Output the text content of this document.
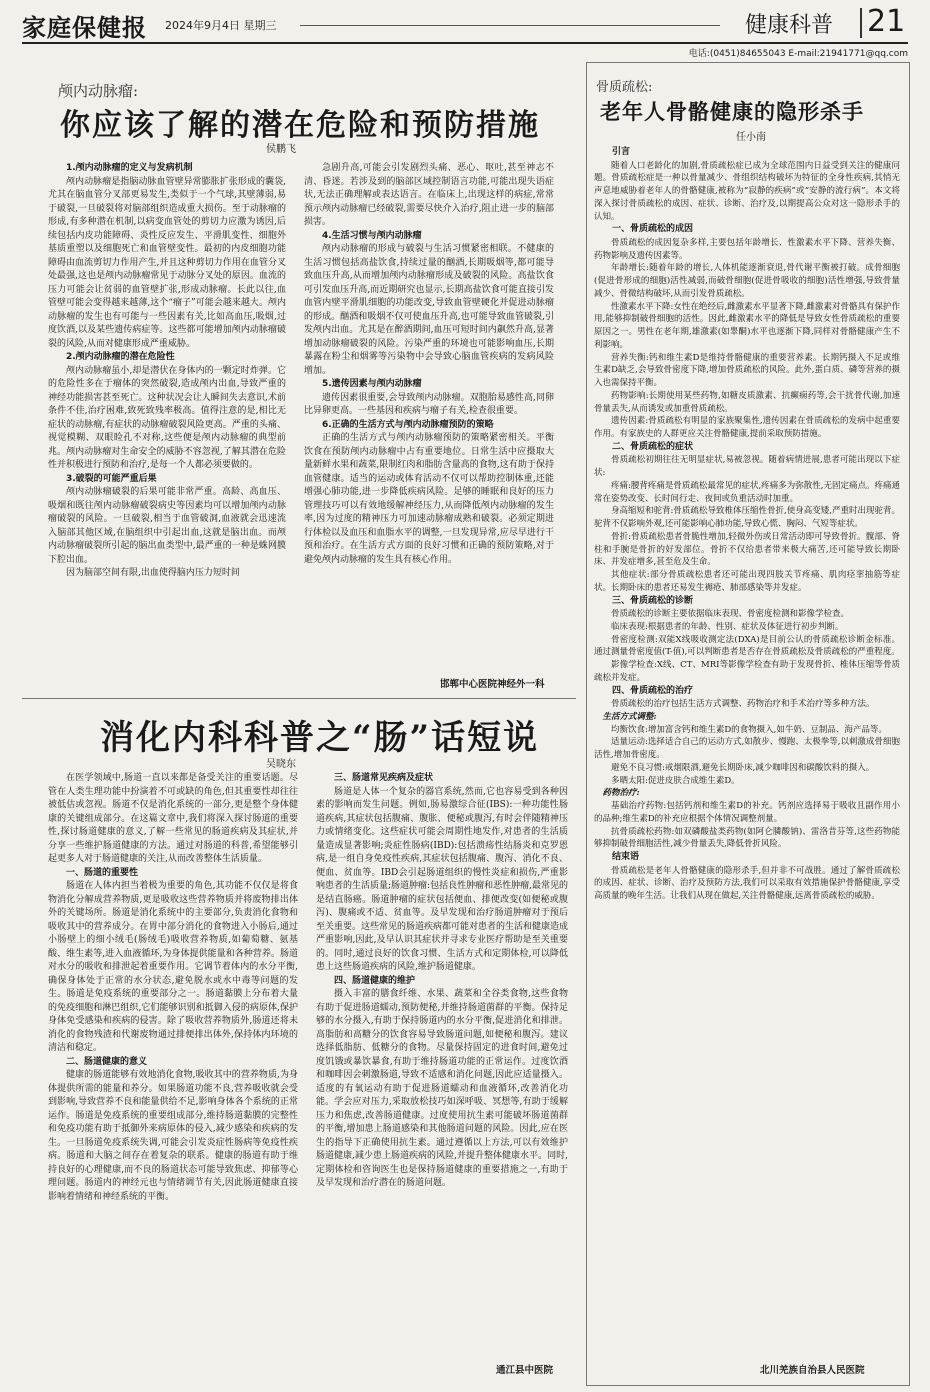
家庭保健报 2024年9月4日 星期三	健康科普 21
电话:(0451)84655043 E-mail:21941771@qq.com
颅内动脉瘤:
你应该了解的潜在危险和预防措施
侯鹏飞
1.颅内动脉瘤的定义与发病机制

颅内动脉瘤是指脑动脉血管壁异常膨胀扩张形成的囊袋,尤其在脑血管分叉部更易发生,类似于一个气球,其壁薄弱,易于破裂,一旦破裂将对脑部组织造成重大损伤。至于动脉瘤的形成,有多种潜在机制,以病变血管处的剪切力应激为诱因,后续包括内皮功能障碍、炎性反应发生、平滑肌变性、细胞外基质重塑以及细胞死亡和血管壁变性。最初的内皮细胞功能障碍由血流剪切力作用产生,并且这种剪切力作用在血管分叉处最强,这也是颅内动脉瘤常见于动脉分叉处的原因。血流的压力可能会让贫弱的血管壁扩张,形成动脉瘤。长此以往,血管壁可能会变得越来越薄,这个“瘤子”可能会越来越大。颅内动脉瘤的发生也有可能与一些因素有关,比如高血压,吸烟,过度饮酒,以及某些遗传病症等。这些都可能增加颅内动脉瘤破裂的风险,从而对健康形成严重威胁。

2.颅内动脉瘤的潜在危险性

颅内动脉瘤虽小,却是潜伏在身体内的一颗定时炸弹。它的危险性多在于瘤体的突然破裂,造成颅内出血,导致严重的神经功能损害甚至死亡。这种状况会让人瞬间失去意识,术前条件不佳,治疗困难,致死致残率极高。值得注意的是,相比无症状的动脉瘤,有症状的动脉瘤破裂风险更高。严重的头痛、视觉模糊、双眼睑孔不对称,这些便是颅内动脉瘤的典型前兆。颅内动脉瘤对生命安全的威胁不容忽视,了解其潜在危险性并积极进行预防和治疗,是每一个人都必须要做的。

3.破裂的可能严重后果

颅内动脉瘤破裂的后果可能非常严重。高龄、高血压、吸烟和既往颅内动脉瘤破裂病史等因素均可以增加颅内动脉瘤破裂的风险。一旦破裂,相当于血管破洞,血液就会迅速流入脑部其他区域,在脑组织中引起出血,这就是脑出血。而颅内动脉瘤破裂所引起的脑出血类型中,最严重的一种是蛛网膜下腔出血。

因为脑部空间有限,出血使得脑内压力短时间

急剧升高,可能会引发剧烈头痛、恶心、呕吐,甚至神志不清、昏迷。若涉及到的脑部区域控制语言功能,可能出现失语症状,无法正确理解或表达语言。在临床上,出现这样的病症,常常预示颅内动脉瘤已经破裂,需要尽快介入治疗,阻止进一步的脑部损害。

4.生活习惯与颅内动脉瘤

颅内动脉瘤的形成与破裂与生活习惯紧密相联。不健康的生活习惯包括高盐饮食,持续过量的酗酒,长期吸烟等,都可能导致血压升高,从而增加颅内动脉瘤形成及破裂的风险。高盐饮食可引发血压升高,而近期研究也显示,长期高盐饮食可能直接引发血管内壁平滑肌细胞的功能改变,导致血管壁硬化并促进动脉瘤的形成。酗酒和吸烟不仅可使血压升高,也可能导致血管破裂,引发颅内出血。尤其是在醉酒期间,血压可短时间内飙然升高,显著增加动脉瘤破裂的风险。污染严重的环境也可能影响血压,长期暴露在粉尘和烟雾等污染物中会导致心脑血管疾病的发病风险增加。

5.遗传因素与颅内动脉瘤

遗传因素很重要,会导致颅内动脉瘤。双胞胎易感性高,同卵比异卵更高。一些基因和疾病与瘤子有关,检查很重要。

6.正确的生活方式与颅内动脉瘤预防的策略

正确的生活方式与颅内动脉瘤预防的策略紧密相关。平衡饮食在预防颅内动脉瘤中占有重要地位。日常生活中应摄取大量新鲜水果和蔬菜,限制红肉和脂肪含量高的食物,这有助于保持血管健康。适当的运动或体育活动不仅可以帮助控制体重,还能增强心肺功能,进一步降低疾病风险。足够的睡眠和良好的压力管理技巧可以有效地缓解神经压力,从而降低颅内动脉瘤的发生率,因为过度的精神压力可加速动脉瘤成熟和破裂。必须定期进行体检以及血压和血脂水平的调整,一旦发现异常,应尽早进行干预和治疗。在生活方式方面的良好习惯和正确的预防策略,对于避免颅内动脉瘤的发生具有核心作用。

邯郸中心医院神经外一科
消化内科科普之“肠”话短说
吴晓东

在医学领域中,肠道一直以来都是备受关注的重要话题。尽管在人类生理功能中扮演着不可或缺的角色,但其重要性却往往被低估或忽视。肠道不仅是消化系统的一部分,更是整个身体健康的关键组成部分。在这篇文章中,我们将深入探讨肠道的重要性,探讨肠道健康的意义,了解一些常见的肠道疾病及其症状,并分享一些维护肠道健康的方法。通过对肠道的科普,希望能够引起更多人对于肠道健康的关注,从而改善整体生活质量。

一、肠道的重要性

肠道在人体内担当着极为重要的角色,其功能不仅仅是将食物消化分解成营养物质,更是吸收这些营养物质并将废物排出体外的关键场所。肠道是消化系统中的主要部分,负责消化食物和吸收其中的营养成分。在胃中部分消化的食物进入小肠后,通过小肠壁上的细小绒毛(肠绒毛)吸收营养物质,如葡萄糖、氨基酸、维生素等,进入血液循环,为身体提供能量和各种营养。肠道对水分的吸收和排泄起着重要作用。它调节着体内的水分平衡,确保身体处于正常的水分状态,避免脱水或水中毒等问题的发生。肠道是免疫系统的重要部分之一。肠道黏膜上分布着大量的免疫细胞和淋巴组织,它们能够识别和抵御入侵的病原体,保护身体免受感染和疾病的侵害。除了吸收营养物质外,肠道还将未消化的食物残渣和代谢废物通过排便排出体外,保持体内环境的清洁和稳定。

二、肠道健康的意义

健康的肠道能够有效地消化食物,吸收其中的营养物质,为身体提供所需的能量和养分。如果肠道功能不良,营养吸收就会受到影响,导致营养不良和能量供给不足,影响身体各个系统的正常运作。肠道是免疫系统的重要组成部分,维持肠道黏膜的完整性和免疫功能有助于抵御外来病原体的侵入,减少感染和疾病的发生。一旦肠道免疫系统失调,可能会引发炎症性肠病等免疫性疾病。肠道和大脑之间存在着复杂的联系。健康的肠道有助于维持良好的心理健康,而不良的肠道状态可能导致焦虑、抑郁等心理问题。肠道内的神经元也与情绪调节有关,因此肠道健康直接影响着情绪和神经系统的平衡。

三、肠道常见疾病及症状

肠道是人体一个复杂的器官系统,然而,它也容易受到各种因素的影响而发生问题。例如,肠易激综合征(IBS):一种功能性肠道疾病,其症状包括腹痛、腹胀、便秘或腹泻,有时会伴随精神压力或情绪变化。这些症状可能会周期性地发作,对患者的生活质量造成显著影响;炎症性肠病(IBD):包括溃疡性结肠炎和克罗恩病,是一组自身免疫性疾病,其症状包括腹痛、腹泻、消化不良、便血、贫血等。IBD会引起肠道组织的慢性炎症和损伤,严重影响患者的生活质量;肠道肿瘤:包括良性肿瘤和恶性肿瘤,最常见的是结直肠癌。肠道肿瘤的症状包括便血、排便改变(如便秘或腹泻)、腹痛或不适、贫血等。及早发现和治疗肠道肿瘤对于预后至关重要。这些常见的肠道疾病都可能对患者的生活和健康造成严重影响,因此,及早认识其症状并寻求专业医疗帮助是至关重要的。同时,通过良好的饮食习惯、生活方式和定期体检,可以降低患上这些肠道疾病的风险,维护肠道健康。

四、肠道健康的维护

摄入丰富的膳食纤维、水果、蔬菜和全谷类食物,这些食物有助于促进肠道蠕动,预防便秘,并维持肠道菌群的平衡。保持足够的水分摄入,有助于保持肠道内的水分平衡,促进消化和排泄。高脂肪和高糖分的饮食容易导致肠道问题,如便秘和腹泻。建议选择低脂肪、低糖分的食物。尽量保持固定的进食时间,避免过度饥饿或暴饮暴食,有助于维持肠道功能的正常运作。过度饮酒和咖啡因会刺激肠道,导致不适感和消化问题,因此应适量摄入。适度的有氧运动有助于促进肠道蠕动和血液循环,改善消化功能。学会应对压力,采取放松技巧如深呼吸、冥想等,有助于缓解压力和焦虑,改善肠道健康。过度使用抗生素可能破坏肠道菌群的平衡,增加患上肠道感染和其他肠道问题的风险。因此,应在医生的指导下正确使用抗生素。通过遵循以上方法,可以有效维护肠道健康,减少患上肠道疾病的风险,并提升整体健康水平。同时,定期体检和咨询医生也是保持肠道健康的重要措施之一,有助于及早发现和治疗潜在的肠道问题。

通江县中医院
骨质疏松:
老年人骨骼健康的隐形杀手
任小南
引言

随着人口老龄化的加剧,骨质疏松症已成为全球范围内日益受到关注的健康问题。骨质疏松症是一种以骨量减少、骨组织结构破坏为特征的全身性疾病,其悄无声息地威胁着老年人的骨骼健康,被称为“寂静的疾病”或“安静的流行病”。本文将深入探讨骨质疏松的成因、症状、诊断、治疗及,以期提高公众对这一隐形杀手的认知。

一、骨质疏松的成因

骨质疏松的成因复杂多样,主要包括年龄增长、性激素水平下降、营养失衡、药物影响及遗传因素等。

年龄增长:随着年龄的增长,人体机能逐渐衰退,骨代谢平衡被打破。成骨细胞(促进骨形成的细胞)活性减弱,而破骨细胞(促进骨吸收的细胞)活性增强,导致骨量减少、骨微结构破坏,从而引发骨质疏松。

性激素水平下降:女性在绝经后,雌激素水平显著下降,雌激素对骨骼具有保护作用,能够抑制破骨细胞的活性。因此,雌激素水平的降低是导致女性骨质疏松的重要原因之一。男性在老年期,雄激素(如睾酮)水平也逐渐下降,同样对骨骼健康产生不利影响。

营养失衡:钙和维生素D是维持骨骼健康的重要营养素。长期钙摄入不足或维生素D缺乏,会导致骨密度下降,增加骨质疏松的风险。此外,蛋白质、磷等营养的摄入也需保持平衡。

药物影响:长期使用某些药物,如糖皮质激素、抗癫痫药等,会干扰骨代谢,加速骨量丢失,从而诱发或加重骨质疏松。

遗传因素:骨质疏松有明显的家族聚集性,遗传因素在骨质疏松的发病中起重要作用。有家族史的人群更应关注骨骼健康,提前采取预防措施。

二、骨质疏松的症状

骨质疏松初期往往无明显症状,易被忽视。随着病情进展,患者可能出现以下症状:

疼痛:腰背疼痛是骨质疏松最常见的症状,疼痛多为弥散性,无固定痛点。疼痛通常在姿势改变、长时间行走、夜间或负重活动时加重。

身高缩短和驼背:骨质疏松导致椎体压缩性骨折,使身高变矮,严重时出现驼背。驼背不仅影响外观,还可能影响心肺功能,导致心慌、胸闷、气短等症状。

骨折:骨质疏松患者骨脆性增加,轻微外伤或日常活动即可导致骨折。髋部、脊柱和手腕是骨折的好发部位。骨折不仅给患者带来极大痛苦,还可能导致长期卧床、并发症增多,甚至危及生命。

其他症状:部分骨质疏松患者还可能出现四肢关节疼痛、肌肉痉挛抽筋等症状。长期卧床的患者还易发生褥疮、肺部感染等并发症。

三、骨质疏松的诊断

骨质疏松的诊断主要依据临床表现、骨密度检测和影像学检查。

临床表现:根据患者的年龄、性别、症状及体征进行初步判断。

骨密度检测:双能X线吸收测定法(DXA)是目前公认的骨质疏松诊断金标准。通过测量骨密度值(T-值),可以判断患者是否存在骨质疏松及骨质疏松的严重程度。

影像学检查:X线、CT、MRI等影像学检查有助于发现骨折、椎体压缩等骨质疏松并发症。

四、骨质疏松的治疗

骨质疏松的治疗包括生活方式调整、药物治疗和手术治疗等多种方法。

生活方式调整:

均衡饮食:增加富含钙和维生素D的食物摄入,如牛奶、豆制品、海产品等。

适量运动:选择适合自己的运动方式,如散步、慢跑、太极拳等,以刺激成骨细胞活性,增加骨密度。

避免不良习惯:戒烟限酒,避免长期卧床,减少咖啡因和碳酸饮料的摄入。

多晒太阳:促进皮肤合成维生素D。

药物治疗:

基础治疗药物:包括钙剂和维生素D的补充。钙剂应选择易于吸收且副作用小的品种;维生素D的补充应根据个体情况调整剂量。

抗骨质疏松药物:如双磷酸盐类药物(如阿仑膦酸钠)、雷洛昔芬等,这些药物能够抑制破骨细胞活性,减少骨量丢失,降低骨折风险。

结束语

骨质疏松是老年人骨骼健康的隐形杀手,但并非不可战胜。通过了解骨质疏松的成因、症状、诊断、治疗及预防方法,我们可以采取有效措施保护骨骼健康,享受高质量的晚年生活。让我们从现在做起,关注骨骼健康,远离骨质疏松的威胁。

北川羌族自治县人民医院
